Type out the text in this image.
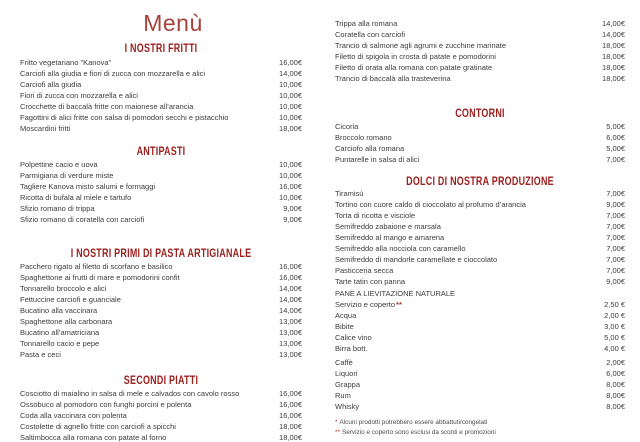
Menù
I NOSTRI FRITTI
Fritto vegetariano "Kanova"	16,00€
Carciofi alla giudia e fiori di zucca con mozzarella e alici	14,00€
Carciofi alla giudia	10,00€
Fiori di zucca con mozzarella e alici	10,00€
Crocchette di baccalà fritte con maionese all’arancia	10,00€
Fagottini di alici fritte con salsa di pomodori secchi e pistacchio	10,00€
Moscardini fritti	18,00€
ANTIPASTI
Polpettine cacio e uova	10,00€
Parmigiana di verdure miste	10,00€
Tagliere Kanova misto salumi e formaggi	16,00€
Ricotta di bufala al miele e tartufo	10,00€
Sfizio romano di trippa	9,00€
Sfizio romano di coratella con carciofi	9,00€
I NOSTRI PRIMI DI PASTA ARTIGIANALE
Pacchero rigato al filetto di scorfano e basilico	16,00€
Spaghettone ai frutti di mare e pomodorini confit	16,00€
Tonnarello broccolo e alici	14,00€
Fettuccine carciofi e guanciale	14,00€
Bucatino alla vaccinara	14,00€
Spaghettone alla carbonara	13,00€
Bucatino all’amatriciana	13,00€
Tonnarello cacio e pepe	13,00€
Pasta e ceci	13,00€
SECONDI PIATTI
Cosciotto di maialino in salsa di mele e calvados con cavolo rosso	16,00€
Ossobuco al pomodoro con funghi porcini e polenta	16,00€
Coda alla vaccinara con polenta	16,00€
Costolette di agnello fritte con carciofi a spicchi	18,00€
Saltimbocca alla romana con patate al forno	18,00€
Trippa alla romana	14,00€
Coratella con carciofi	14,00€
Trancio di salmone agli agrumi e zucchine marinate	18,00€
Filetto di spigola in crosta di patate e pomodorini	18,00€
Filetto di orata alla romana con patate gratinate	18,00€
Trancio di baccalà alla trasteverina	18,00€
CONTORNI
Cicoria	5,00€
Broccolo romano	6,00€
Carciofo alla romana	5,00€
Puntarelle in salsa di alici	7,00€
DOLCI DI NOSTRA PRODUZIONE
Tiramisù	7,00€
Tortino con cuore caldo di cioccolato al profumo d’arancia	9,00€
Torta di ricotta e visciole	7,00€
Semifreddo zabaione e marsala	7,00€
Semifreddo al mango e amarena	7,00€
Semifreddo alla nocciola con caramello	7,00€
Semifreddo di mandorle caramellate e cioccolato	7,00€
Pasticceria secca	7,00€
Tarte tatin con panna	9,00€
PANE A LIEVITAZIONE NATURALE
Servizio e coperto **	2,50 €
Acqua	2,00 €
Bibite	3,00 €
Calice vino	5,00 €
Birra bott.	4,00 €
Caffè	2,00€
Liquori	6,00€
Grappa	8,00€
Rum	8,00€
Whisky	8,00€
* Alcuni prodotti potrebbero essere abbattuti/congelati
** Servizio e coperto sono esclusi da sconti e promozioni
